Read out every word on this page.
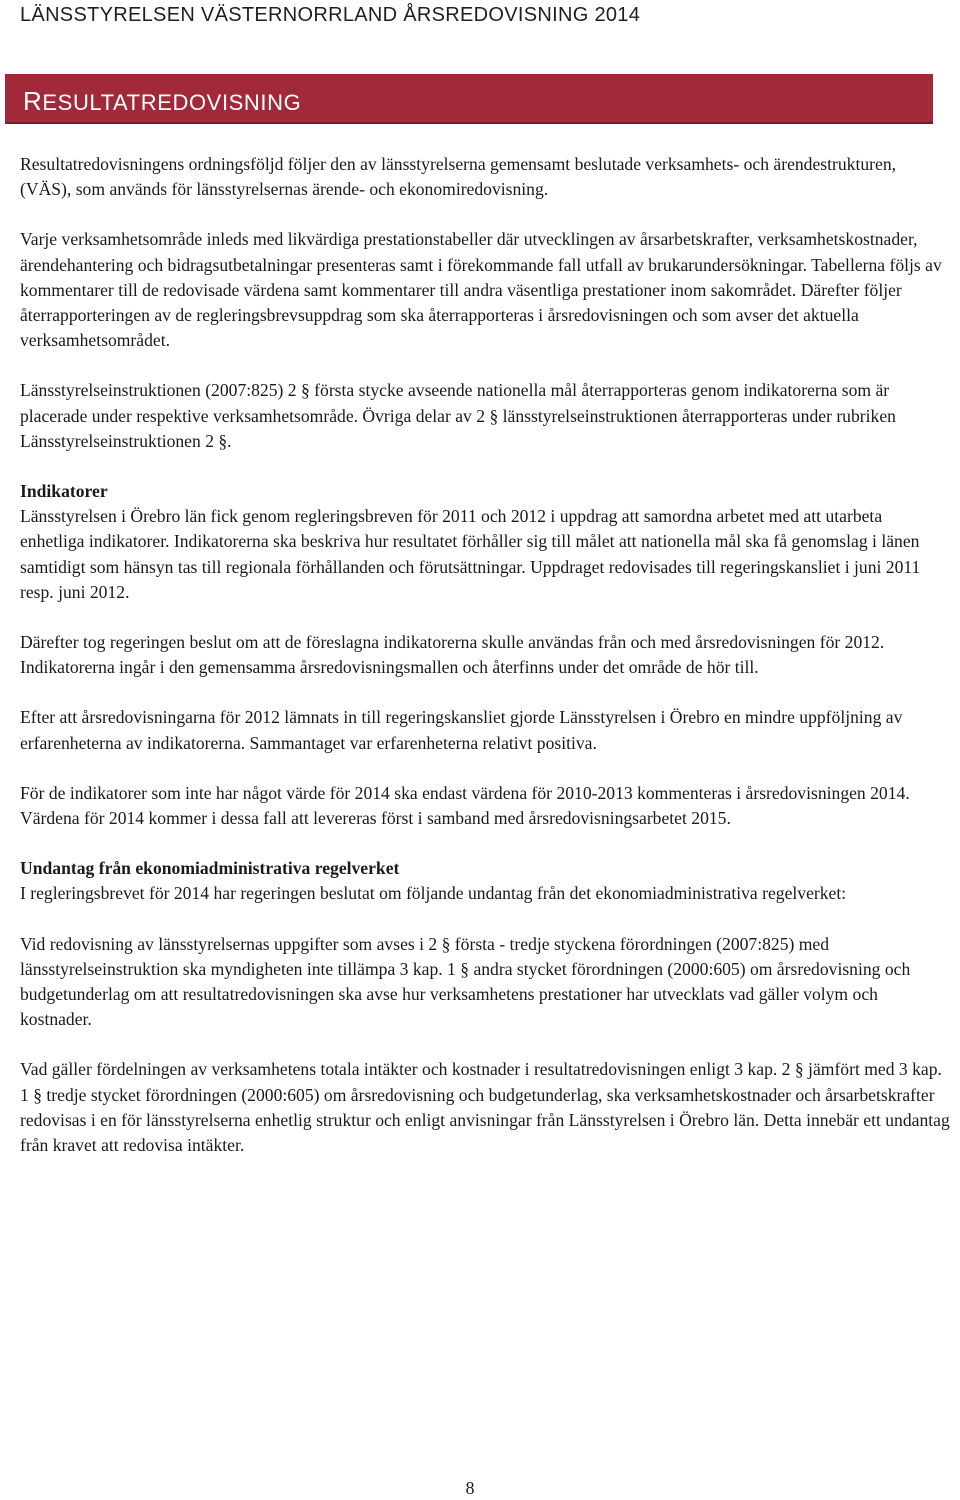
LÄNSSTYRELSEN VÄSTERNORRLAND ÅRSREDOVISNING 2014
RESULTATREDOVISNING

Resultatredovisningens ordningsföljd följer den av länsstyrelserna gemensamt beslutade verksamhets- och ärendestrukturen, (VÄS), som används för länsstyrelsernas ärende- och ekonomiredovisning.

Varje verksamhetsområde inleds med likvärdiga prestationstabeller där utvecklingen av årsarbetskrafter, verksamhetskostnader, ärendehantering och bidragsutbetalningar presenteras samt i förekommande fall utfall av brukarundersökningar. Tabellerna följs av kommentarer till de redovisade värdena samt kommentarer till andra väsentliga prestationer inom sakområdet. Därefter följer återrapporteringen av de regleringsbrevsuppdrag som ska återrapporteras i årsredovisningen och som avser det aktuella verksamhetsområdet.

Länsstyrelseinstruktionen (2007:825) 2 § första stycke avseende nationella mål återrapporteras genom indikatorerna som är placerade under respektive verksamhetsområde. Övriga delar av 2 § länsstyrelseinstruktionen återrapporteras under rubriken Länsstyrelseinstruktionen 2 §.

Indikatorer

Länsstyrelsen i Örebro län fick genom regleringsbreven för 2011 och 2012 i uppdrag att samordna arbetet med att utarbeta enhetliga indikatorer. Indikatorerna ska beskriva hur resultatet förhåller sig till målet att nationella mål ska få genomslag i länen samtidigt som hänsyn tas till regionala förhållanden och förutsättningar. Uppdraget redovisades till regeringskansliet i juni 2011 resp. juni 2012.

Därefter tog regeringen beslut om att de föreslagna indikatorerna skulle användas från och med årsredovisningen för 2012. Indikatorerna ingår i den gemensamma årsredovisningsmallen och återfinns under det område de hör till.

Efter att årsredovisningarna för 2012 lämnats in till regeringskansliet gjorde Länsstyrelsen i Örebro en mindre uppföljning av erfarenheterna av indikatorerna. Sammantaget var erfarenheterna relativt positiva.

För de indikatorer som inte har något värde för 2014 ska endast värdena för 2010-2013 kommenteras i årsredovisningen 2014. Värdena för 2014 kommer i dessa fall att levereras först i samband med årsredovisningsarbetet 2015.

Undantag från ekonomiadministrativa regelverket

I regleringsbrevet för 2014 har regeringen beslutat om följande undantag från det ekonomiadministrativa regelverket:

Vid redovisning av länsstyrelsernas uppgifter som avses i 2 § första - tredje styckena förordningen (2007:825) med länsstyrelseinstruktion ska myndigheten inte tillämpa 3 kap. 1 § andra stycket förordningen (2000:605) om årsredovisning och budgetunderlag om att resultatredovisningen ska avse hur verksamhetens prestationer har utvecklats vad gäller volym och kostnader.

Vad gäller fördelningen av verksamhetens totala intäkter och kostnader i resultatredovisningen enligt 3 kap. 2 § jämfört med 3 kap. 1 § tredje stycket förordningen (2000:605) om årsredovisning och budgetunderlag, ska verksamhetskostnader och årsarbetskrafter redovisas i en för länsstyrelserna enhetlig struktur och enligt anvisningar från Länsstyrelsen i Örebro län. Detta innebär ett undantag från kravet att redovisa intäkter.

8
